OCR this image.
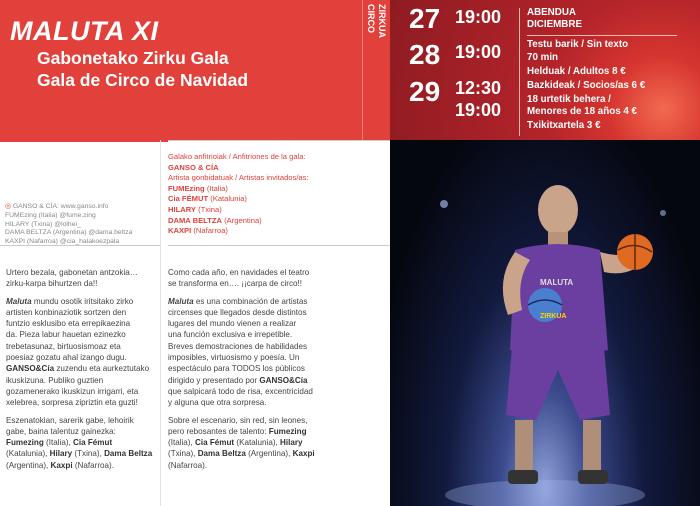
MALUTA XI
Gabonetako Zirku Gala
Gala de Circo de Navidad
ZIRKUA
CIRCO 27 19:00
28 19:00
29 12:30
19:00
ABENDUA
DICIEMBRE
Testu barik / Sin texto
70 min
Helduak / Adultos 8 €
Bazkideak / Socios/as 6 €
18 urtetik behera /
Menores de 18 años 4 €
Txikitxartela 3 €
ZIRKUA
MALUTA
◎ GANSO & CÍA: www.ganso.info
FUMEzing (Italia) @fume.zing
HILARY (Txina) @lolhei_
DAMA BELTZA (Argentina) @dama.beltza
KAXPI (Nafarroa) @cia_halakoezpala
Galako anfitrioiak / Anfitriones de la gala:
GANSO & CÍA
Artista gonbidatuak / Artistas invitados/as:
FUMEzing (Italia)
Cia FÉMUT (Katalunia)
HILARY (Txina)
DAMA BELTZA (Argentina)
KAXPI (Nafarroa)
Urtero bezala, gabonetan antzokia…
zirku-karpa bihurtzen da!!
Maluta mundu osotik iritsitako zirko
artisten konbinaziotik sortzen den
funtzio esklusibo eta errepikaezina
da. Pieza labur hauetan ezinezko
trebetasunaz, birtuosismoaz eta
poesiaz gozatu ahal izango dugu.
GANSO&Cía zuzendu eta aurkeztutako
ikuskizuna. Publiko guztien
gozamenerako ikuskizun irrigarri, eta
xelebrea, sorpresa zipriztin eta guzti!
Eszenatokian, sarerik gabe, lehoirik
gabe, baina talentuz gainezka:
Fumezing (Italia), Cia Fémut
(Katalunia), Hilary (Txina), Dama Beltza
(Argentina), Kaxpi (Nafarroa).
Como cada año, en navidades el teatro
se transforma en…. ¡¡carpa de circo!!
Maluta es una combinación de artistas
circenses que llegados desde distintos
lugares del mundo vienen a realizar
una función exclusiva e irrepetible.
Breves demostraciones de habilidades
imposibles, virtuosismo y poesía. Un
espectáculo para TODOS los públicos
dirigido y presentado por GANSO&Cía
que salpicará todo de risa, excentricidad
y alguna que otra sorpresa.
Sobre el escenario, sin red, sin leones,
pero rebosantes de talento: Fumezing
(Italia), Cia Fémut (Katalunia), Hilary
(Txina), Dama Beltza (Argentina), Kaxpi
(Nafarroa).
